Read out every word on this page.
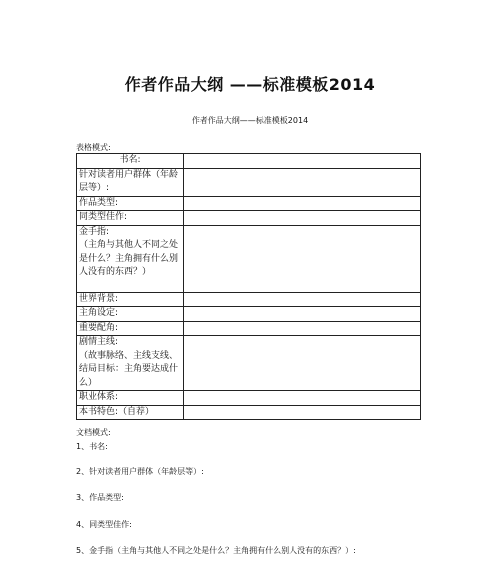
作者作品大纲 ——标准模板2014
作者作品大纲——标准模板2014
表格模式:
书名:	
针对读者用户群体（年龄层等）:	
作品类型:	
同类型佳作:	
金手指:
（主角与其他人不同之处是什么？主角拥有什么别人没有的东西？）	
世界背景:	
主角设定:	
重要配角:	
剧情主线:
（故事脉络、主线支线、结局目标：主角要达成什么）	
职业体系:	
本书特色:（自荐）	
文档模式:
1、书名:
2、针对读者用户群体（年龄层等）:
3、作品类型:
4、同类型佳作:
5、金手指（主角与其他人不同之处是什么？主角拥有什么别人没有的东西？）:
